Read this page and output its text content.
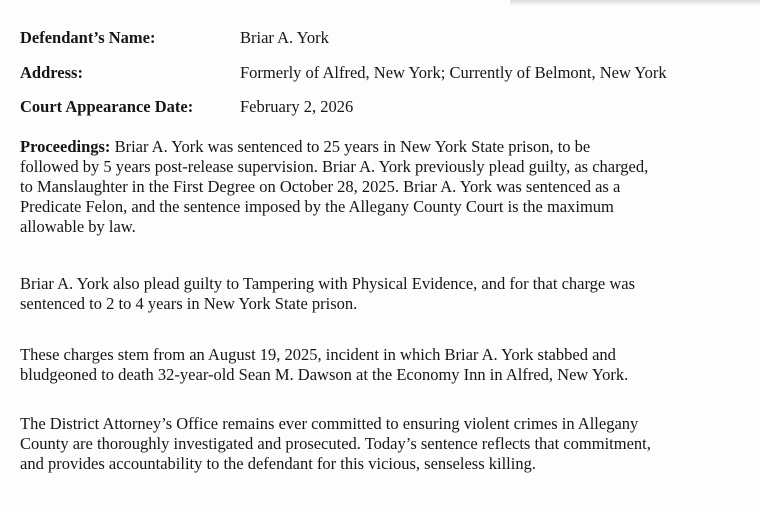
Defendant’s Name:	Briar A. York
Address:	Formerly of Alfred, New York; Currently of Belmont, New York
Court Appearance Date:	February 2, 2026
Proceedings: Briar A. York was sentenced to 25 years in New York State prison, to be
followed by 5 years post-release supervision. Briar A. York previously plead guilty, as charged,
to Manslaughter in the First Degree on October 28, 2025. Briar A. York was sentenced as a
Predicate Felon, and the sentence imposed by the Allegany County Court is the maximum
allowable by law.
Briar A. York also plead guilty to Tampering with Physical Evidence, and for that charge was
sentenced to 2 to 4 years in New York State prison.
These charges stem from an August 19, 2025, incident in which Briar A. York stabbed and
bludgeoned to death 32-year-old Sean M. Dawson at the Economy Inn in Alfred, New York.
The District Attorney’s Office remains ever committed to ensuring violent crimes in Allegany
County are thoroughly investigated and prosecuted. Today’s sentence reflects that commitment,
and provides accountability to the defendant for this vicious, senseless killing.
